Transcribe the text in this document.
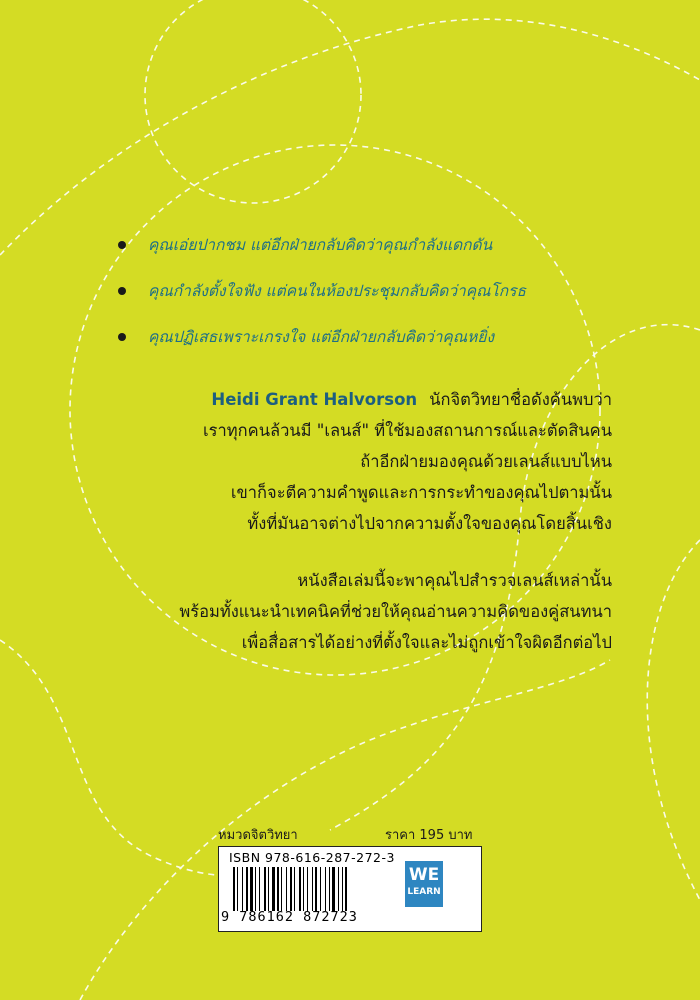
คุณเอ่ยปากชม แต่อีกฝ่ายกลับคิดว่าคุณกำลังแดกดัน
คุณกำลังตั้งใจฟัง แต่คนในห้องประชุมกลับคิดว่าคุณโกรธ
คุณปฏิเสธเพราะเกรงใจ แต่อีกฝ่ายกลับคิดว่าคุณหยิ่ง
Heidi Grant Halvorson นักจิตวิทยาชื่อดังค้นพบว่า
เราทุกคนล้วนมี "เลนส์" ที่ใช้มองสถานการณ์และตัดสินคน
ถ้าอีกฝ่ายมองคุณด้วยเลนส์แบบไหน
เขาก็จะตีความคำพูดและการกระทำของคุณไปตามนั้น
ทั้งที่มันอาจต่างไปจากความตั้งใจของคุณโดยสิ้นเชิง
หนังสือเล่มนี้จะพาคุณไปสำรวจเลนส์เหล่านั้น
พร้อมทั้งแนะนำเทคนิคที่ช่วยให้คุณอ่านความคิดของคู่สนทนา
เพื่อสื่อสารได้อย่างที่ตั้งใจและไม่ถูกเข้าใจผิดอีกต่อไป
หมวดจิตวิทยา	ราคา 195 บาท
ISBN 978-616-287-272-3
9 786162 872723
WE
LEARN
